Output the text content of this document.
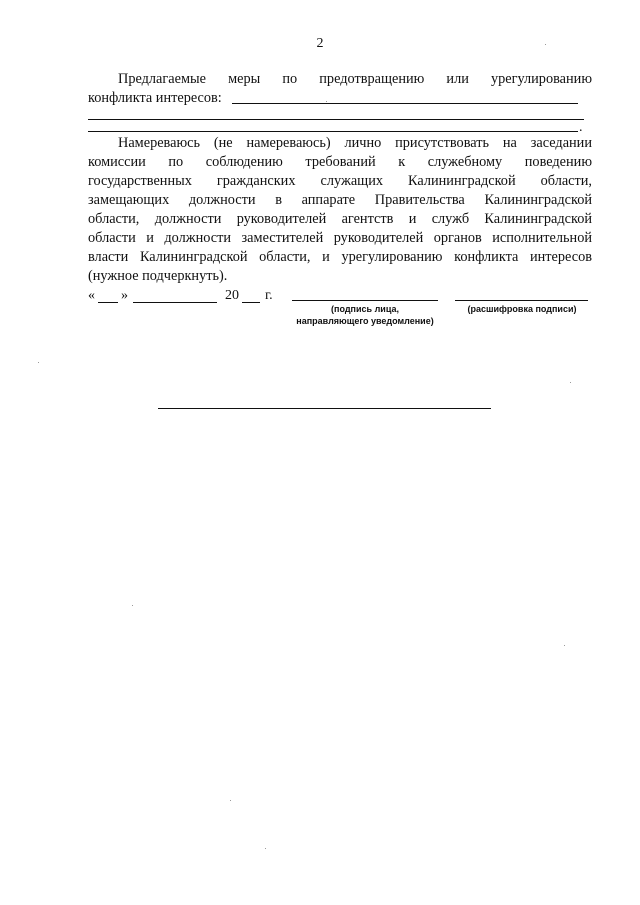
2
Предлагаемые меры по предотвращению или урегулированию
конфликта интересов:
.
Намереваюсь (не намереваюсь) лично присутствовать на заседании
комиссии по соблюдению требований к служебному поведению
государственных гражданских служащих Калининградской области,
замещающих должности в аппарате Правительства Калининградской
области, должности руководителей агентств и служб Калининградской
области и должности заместителей руководителей органов исполнительной
власти Калининградской области, и урегулированию конфликта интересов
(нужное подчеркнуть).
« »	20 г.
(подпись лица,
направляющего уведомление)
(расшифровка подписи)
